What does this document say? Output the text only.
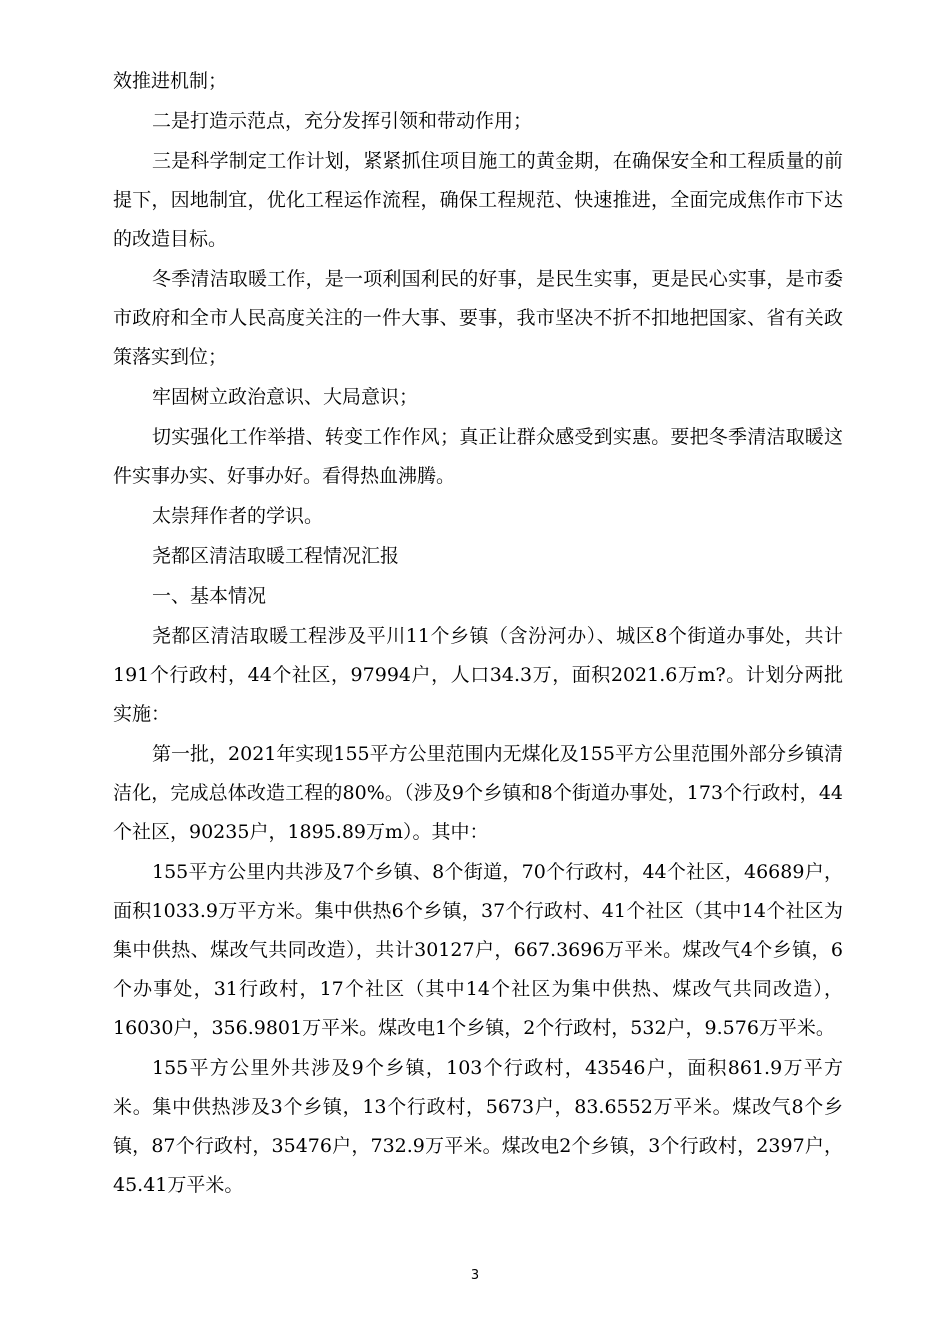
效推进机制；

二是打造示范点，充分发挥引领和带动作用；

三是科学制定工作计划，紧紧抓住项目施工的黄金期，在确保安全和工程质量的前提下，因地制宜，优化工程运作流程，确保工程规范、快速推进，全面完成焦作市下达的改造目标。

冬季清洁取暖工作，是一项利国利民的好事，是民生实事，更是民心实事，是市委市政府和全市人民高度关注的一件大事、要事，我市坚决不折不扣地把国家、省有关政策落实到位；

牢固树立政治意识、大局意识；

切实强化工作举措、转变工作作风；真正让群众感受到实惠。要把冬季清洁取暖这件实事办实、好事办好。看得热血沸腾。

太崇拜作者的学识。

尧都区清洁取暖工程情况汇报

一、基本情况

尧都区清洁取暖工程涉及平川11个乡镇（含汾河办）、城区8个街道办事处，共计191个行政村，44个社区，97994户，人口34.3万，面积2021.6万m?。计划分两批实施：

第一批，2021年实现155平方公里范围内无煤化及155平方公里范围外部分乡镇清洁化，完成总体改造工程的80%。（涉及9个乡镇和8个街道办事处，173个行政村，44个社区，90235户，1895.89万m）。其中：

155平方公里内共涉及7个乡镇、8个街道，70个行政村，44个社区，46689户，面积1033.9万平方米。集中供热6个乡镇，37个行政村、41个社区（其中14个社区为集中供热、煤改气共同改造），共计30127户，667.3696万平米。煤改气4个乡镇，6个办事处，31行政村，17个社区（其中14个社区为集中供热、煤改气共同改造），16030户，356.9801万平米。煤改电1个乡镇，2个行政村，532户，9.576万平米。

155平方公里外共涉及9个乡镇，103个行政村，43546户，面积861.9万平方米。集中供热涉及3个乡镇，13个行政村，5673户，83.6552万平米。煤改气8个乡镇，87个行政村，35476户，732.9万平米。煤改电2个乡镇，3个行政村，2397户，45.41万平米。

3
